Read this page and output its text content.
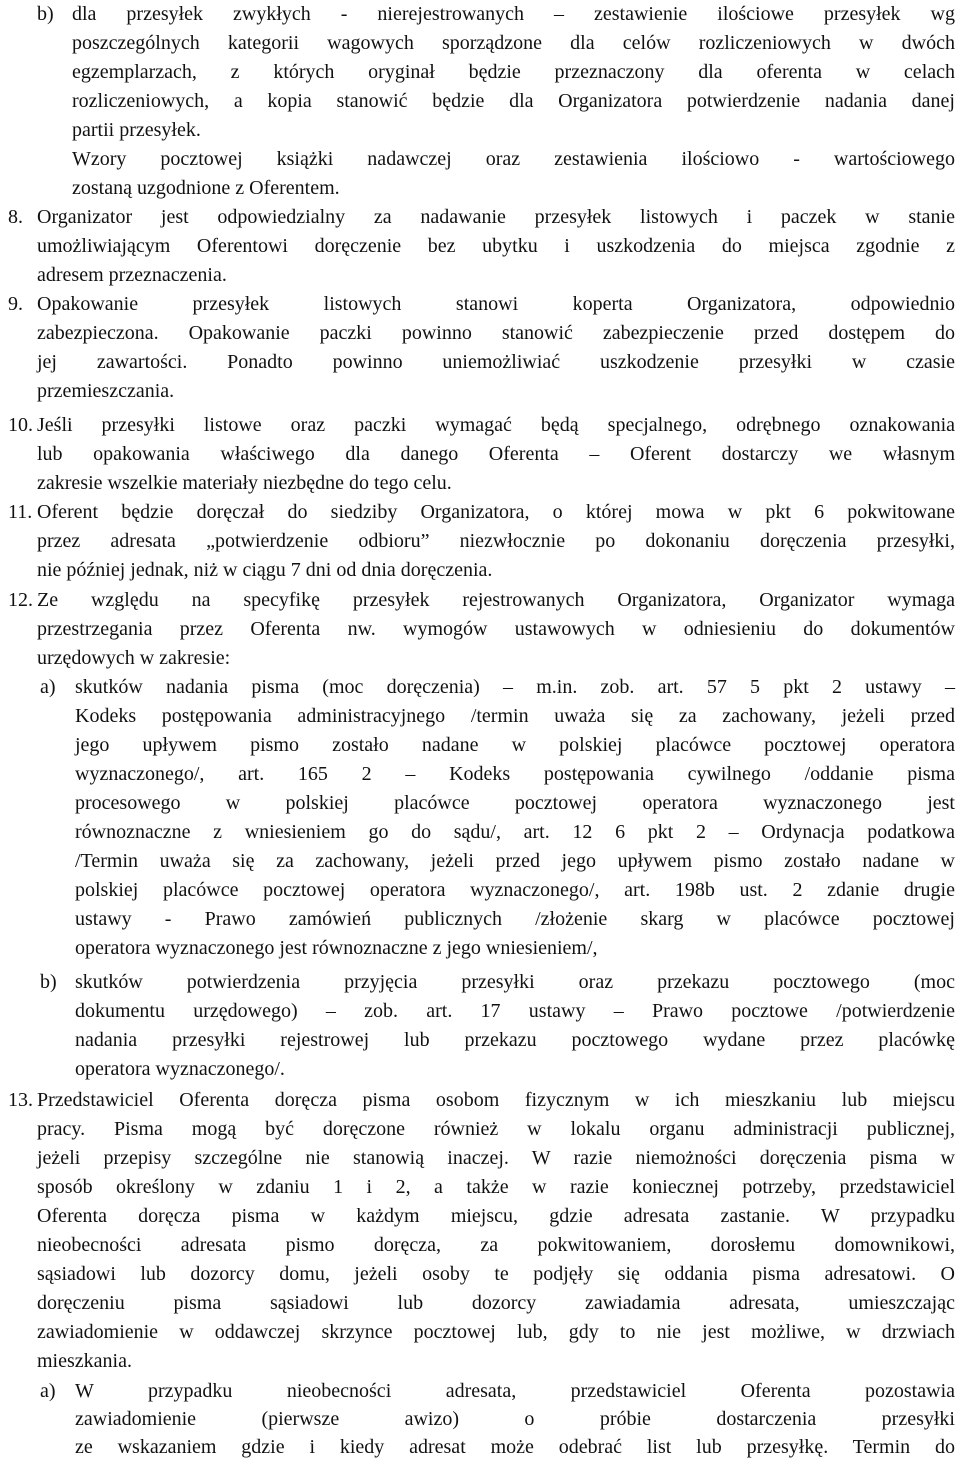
b) dla przesyłek zwykłych ‑ nierejestrowanych – zestawienie ilościowe przesyłek wg
poszczególnych kategorii wagowych sporządzone dla celów rozliczeniowych w dwóch
egzemplarzach, z których oryginał będzie przeznaczony dla oferenta w celach
rozliczeniowych, a kopia stanowić będzie dla Organizatora potwierdzenie nadania danej
partii przesyłek.
Wzory pocztowej książki nadawczej oraz zestawienia ilościowo ‑ wartościowego
zostaną uzgodnione z Oferentem.
8. Organizator jest odpowiedzialny za nadawanie przesyłek listowych i paczek w stanie
umożliwiającym Oferentowi doręczenie bez ubytku i uszkodzenia do miejsca zgodnie z
adresem przeznaczenia.
9. Opakowanie przesyłek listowych stanowi koperta Organizatora, odpowiednio
zabezpieczona. Opakowanie paczki powinno stanowić zabezpieczenie przed dostępem do
jej zawartości. Ponadto powinno uniemożliwiać uszkodzenie przesyłki w czasie
przemieszczania.
10. Jeśli przesyłki listowe oraz paczki wymagać będą specjalnego, odrębnego oznakowania
lub opakowania właściwego dla danego Oferenta – Oferent dostarczy we własnym
zakresie wszelkie materiały niezbędne do tego celu.
11. Oferent będzie doręczał do siedziby Organizatora, o której mowa w pkt 6 pokwitowane
przez adresata „potwierdzenie odbioru” niezwłocznie po dokonaniu doręczenia przesyłki,
nie później jednak, niż w ciągu 7 dni od dnia doręczenia.
12. Ze względu na specyfikę przesyłek rejestrowanych Organizatora, Organizator wymaga
przestrzegania przez Oferenta nw. wymogów ustawowych w odniesieniu do dokumentów
urzędowych w zakresie:
a) skutków nadania pisma (moc doręczenia) – m.in. zob. art. 57 5 pkt 2 ustawy –
Kodeks postępowania administracyjnego /termin uważa się za zachowany, jeżeli przed
jego upływem pismo zostało nadane w polskiej placówce pocztowej operatora
wyznaczonego/, art. 165 2 – Kodeks postępowania cywilnego /oddanie pisma
procesowego w polskiej placówce pocztowej operatora wyznaczonego jest
równoznaczne z wniesieniem go do sądu/, art. 12 6 pkt 2 – Ordynacja podatkowa
/Termin uważa się za zachowany, jeżeli przed jego upływem pismo zostało nadane w
polskiej placówce pocztowej operatora wyznaczonego/, art. 198b ust. 2 zdanie drugie
ustawy ‑ Prawo zamówień publicznych /złożenie skarg w placówce pocztowej
operatora wyznaczonego jest równoznaczne z jego wniesieniem/,
b) skutków potwierdzenia przyjęcia przesyłki oraz przekazu pocztowego (moc
dokumentu urzędowego) – zob. art. 17 ustawy – Prawo pocztowe /potwierdzenie
nadania przesyłki rejestrowej lub przekazu pocztowego wydane przez placówkę
operatora wyznaczonego/.
13. Przedstawiciel Oferenta doręcza pisma osobom fizycznym w ich mieszkaniu lub miejscu
pracy. Pisma mogą być doręczone również w lokalu organu administracji publicznej,
jeżeli przepisy szczególne nie stanowią inaczej. W razie niemożności doręczenia pisma w
sposób określony w zdaniu 1 i 2, a także w razie koniecznej potrzeby, przedstawiciel
Oferenta doręcza pisma w każdym miejscu, gdzie adresata zastanie. W przypadku
nieobecności adresata pismo doręcza, za pokwitowaniem, dorosłemu domownikowi,
sąsiadowi lub dozorcy domu, jeżeli osoby te podjęły się oddania pisma adresatowi. O
doręczeniu pisma sąsiadowi lub dozorcy zawiadamia adresata, umieszczając
zawiadomienie w oddawczej skrzynce pocztowej lub, gdy to nie jest możliwe, w drzwiach
mieszkania.
a) W przypadku nieobecności adresata, przedstawiciel Oferenta pozostawia
zawiadomienie (pierwsze awizo) o próbie dostarczenia przesyłki
ze wskazaniem gdzie i kiedy adresat może odebrać list lub przesyłkę. Termin do
